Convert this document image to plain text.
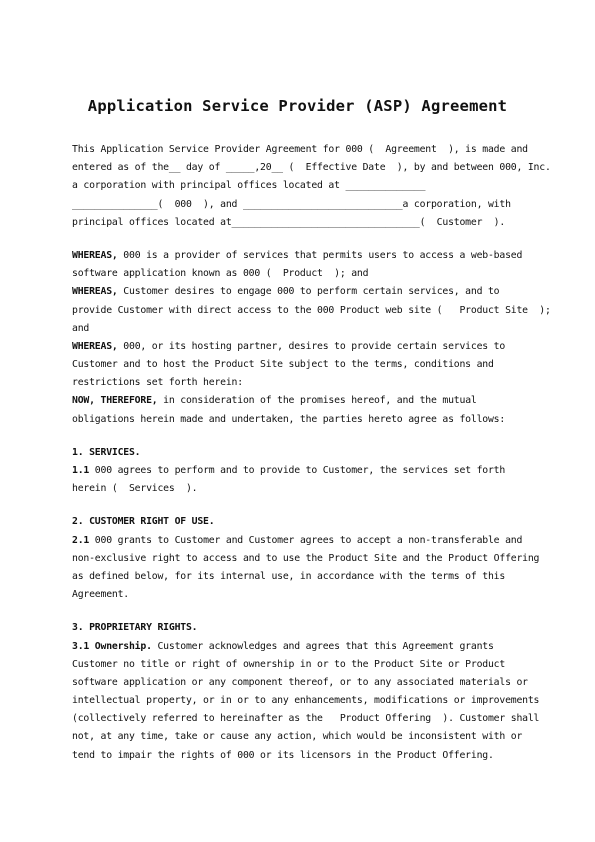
Application Service Provider (ASP) Agreement
This Application Service Provider Agreement for 000 (  Agreement  ), is made and
entered as of the__ day of _____,20__ (  Effective Date  ), by and between 000, Inc.
a corporation with principal offices located at ______________
_______________(  000  ), and ____________________________a corporation, with
principal offices located at_________________________________(  Customer  ).
WHEREAS, 000 is a provider of services that permits users to access a web-based
software application known as 000 (  Product  ); and
WHEREAS, Customer desires to engage 000 to perform certain services, and to
provide Customer with direct access to the 000 Product web site (   Product Site  );
and
WHEREAS, 000, or its hosting partner, desires to provide certain services to
Customer and to host the Product Site subject to the terms, conditions and
restrictions set forth herein:
NOW, THEREFORE, in consideration of the promises hereof, and the mutual
obligations herein made and undertaken, the parties hereto agree as follows:
1. SERVICES.
1.1 000 agrees to perform and to provide to Customer, the services set forth
herein (  Services  ).
2. CUSTOMER RIGHT OF USE.
2.1 000 grants to Customer and Customer agrees to accept a non-transferable and
non-exclusive right to access and to use the Product Site and the Product Offering
as defined below, for its internal use, in accordance with the terms of this
Agreement.
3. PROPRIETARY RIGHTS.
3.1 Ownership. Customer acknowledges and agrees that this Agreement grants
Customer no title or right of ownership in or to the Product Site or Product
software application or any component thereof, or to any associated materials or
intellectual property, or in or to any enhancements, modifications or improvements
(collectively referred to hereinafter as the   Product Offering  ). Customer shall
not, at any time, take or cause any action, which would be inconsistent with or
tend to impair the rights of 000 or its licensors in the Product Offering.
